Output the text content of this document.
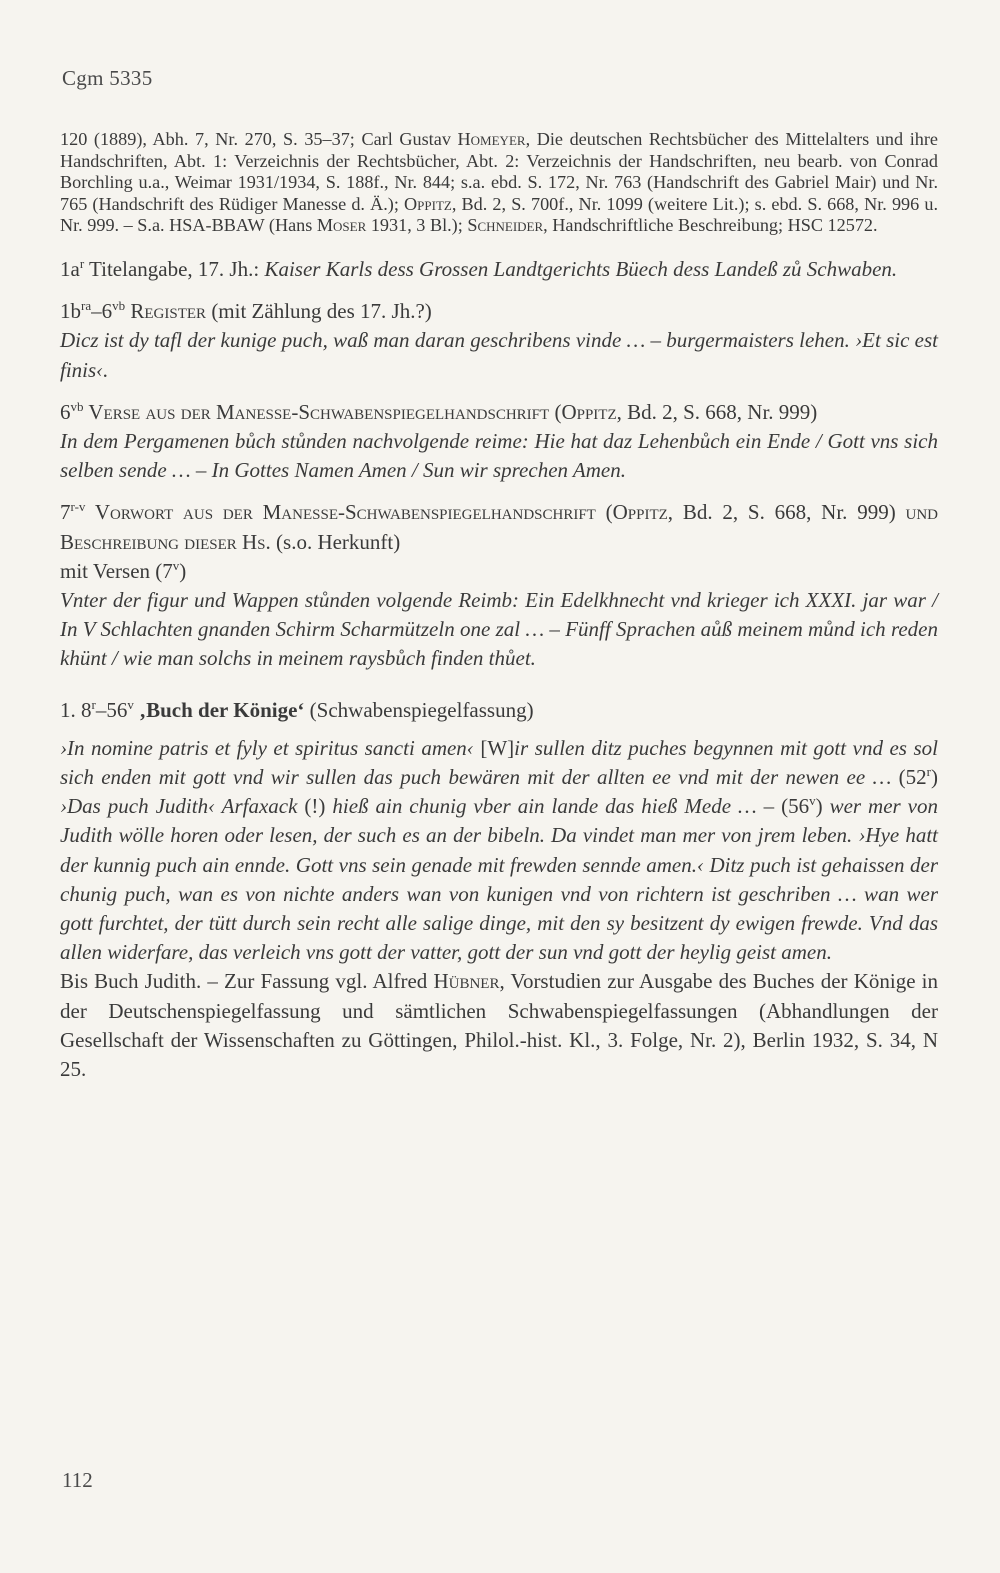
Cgm 5335

120 (1889), Abh. 7, Nr. 270, S. 35–37; Carl Gustav Homeyer, Die deutschen Rechtsbücher des Mittelalters und ihre Handschriften, Abt. 1: Verzeichnis der Rechtsbücher, Abt. 2: Verzeichnis der Handschriften, neu bearb. von Conrad Borchling u.a., Weimar 1931/1934, S. 188f., Nr. 844; s.a. ebd. S. 172, Nr. 763 (Handschrift des Gabriel Mair) und Nr. 765 (Handschrift des Rüdiger Manesse d. Ä.); Oppitz, Bd. 2, S. 700f., Nr. 1099 (weitere Lit.); s. ebd. S. 668, Nr. 996 u. Nr. 999. – S.a. HSA-BBAW (Hans Moser 1931, 3 Bl.); Schneider, Handschriftliche Beschreibung; HSC 12572.

$1a^r$ Titelangabe, 17. Jh.: Kaiser Karls dess Grossen Landtgerichts Büech dess Landeß zů Schwaben.

$1b^{ra}-6^{vb}$ Register (mit Zählung des 17. Jh.?)

Dicz ist dy tafl der kunige puch, waß man daran geschribens vinde … – burgermaisters lehen. ›Et sic est finis‹.

$6^{vb}$ Verse aus der Manesse-Schwabenspiegelhandschrift (Oppitz, Bd. 2, S. 668, Nr. 999)

In dem Pergamenen bůch stůnden nachvolgende reime: Hie hat daz Lehenbůch ein Ende / Gott vns sich selben sende … – In Gottes Namen Amen / Sun wir sprechen Amen.

7$^{r-v}$ Vorwort aus der Manesse-Schwabenspiegelhandschrift (Oppitz, Bd. 2, S. 668, Nr. 999) und Beschreibung dieser Hs. (s.o. Herkunft)

mit Versen (7$^v$)

Vnter der figur und Wappen stůnden volgende Reimb: Ein Edelkhnecht vnd krieger ich XXXI. jar war / In V Schlachten gnanden Schirm Scharmützeln one zal … – Fünff Sprachen aůß meinem můnd ich reden khünt / wie man solchs in meinem raysbůch finden thůet.

1. 8$^r$–56$^v$ ‚Buch der Könige‘ (Schwabenspiegelfassung)

›In nomine patris et fyly et spiritus sancti amen‹ [W]ir sullen ditz puches begynnen mit gott vnd es sol sich enden mit gott vnd wir sullen das puch bewären mit der allten ee vnd mit der newen ee … (52$^r$) ›Das puch Judith‹ Arfaxack (!) hieß ain chunig vber ain lande das hieß Mede … – (56$^v$) wer mer von Judith wölle horen oder lesen, der such es an der bibeln. Da vindet man mer von jrem leben. ›Hye hatt der kunnig puch ain ennde. Gott vns sein genade mit frewden sennde amen.‹ Ditz puch ist gehaissen der chunig puch, wan es von nichte anders wan von kunigen vnd von richtern ist geschriben … wan wer gott furchtet, der tütt durch sein recht alle salige dinge, mit den sy besitzent dy ewigen frewde. Vnd das allen widerfare, das verleich vns gott der vatter, gott der sun vnd gott der heylig geist amen.

Bis Buch Judith. – Zur Fassung vgl. Alfred Hübner, Vorstudien zur Ausgabe des Buches der Könige in der Deutschenspiegelfassung und sämtlichen Schwabenspiegelfassungen (Abhandlungen der Gesellschaft der Wissenschaften zu Göttingen, Philol.-hist. Kl., 3. Folge, Nr. 2), Berlin 1932, S. 34, N 25.

112
